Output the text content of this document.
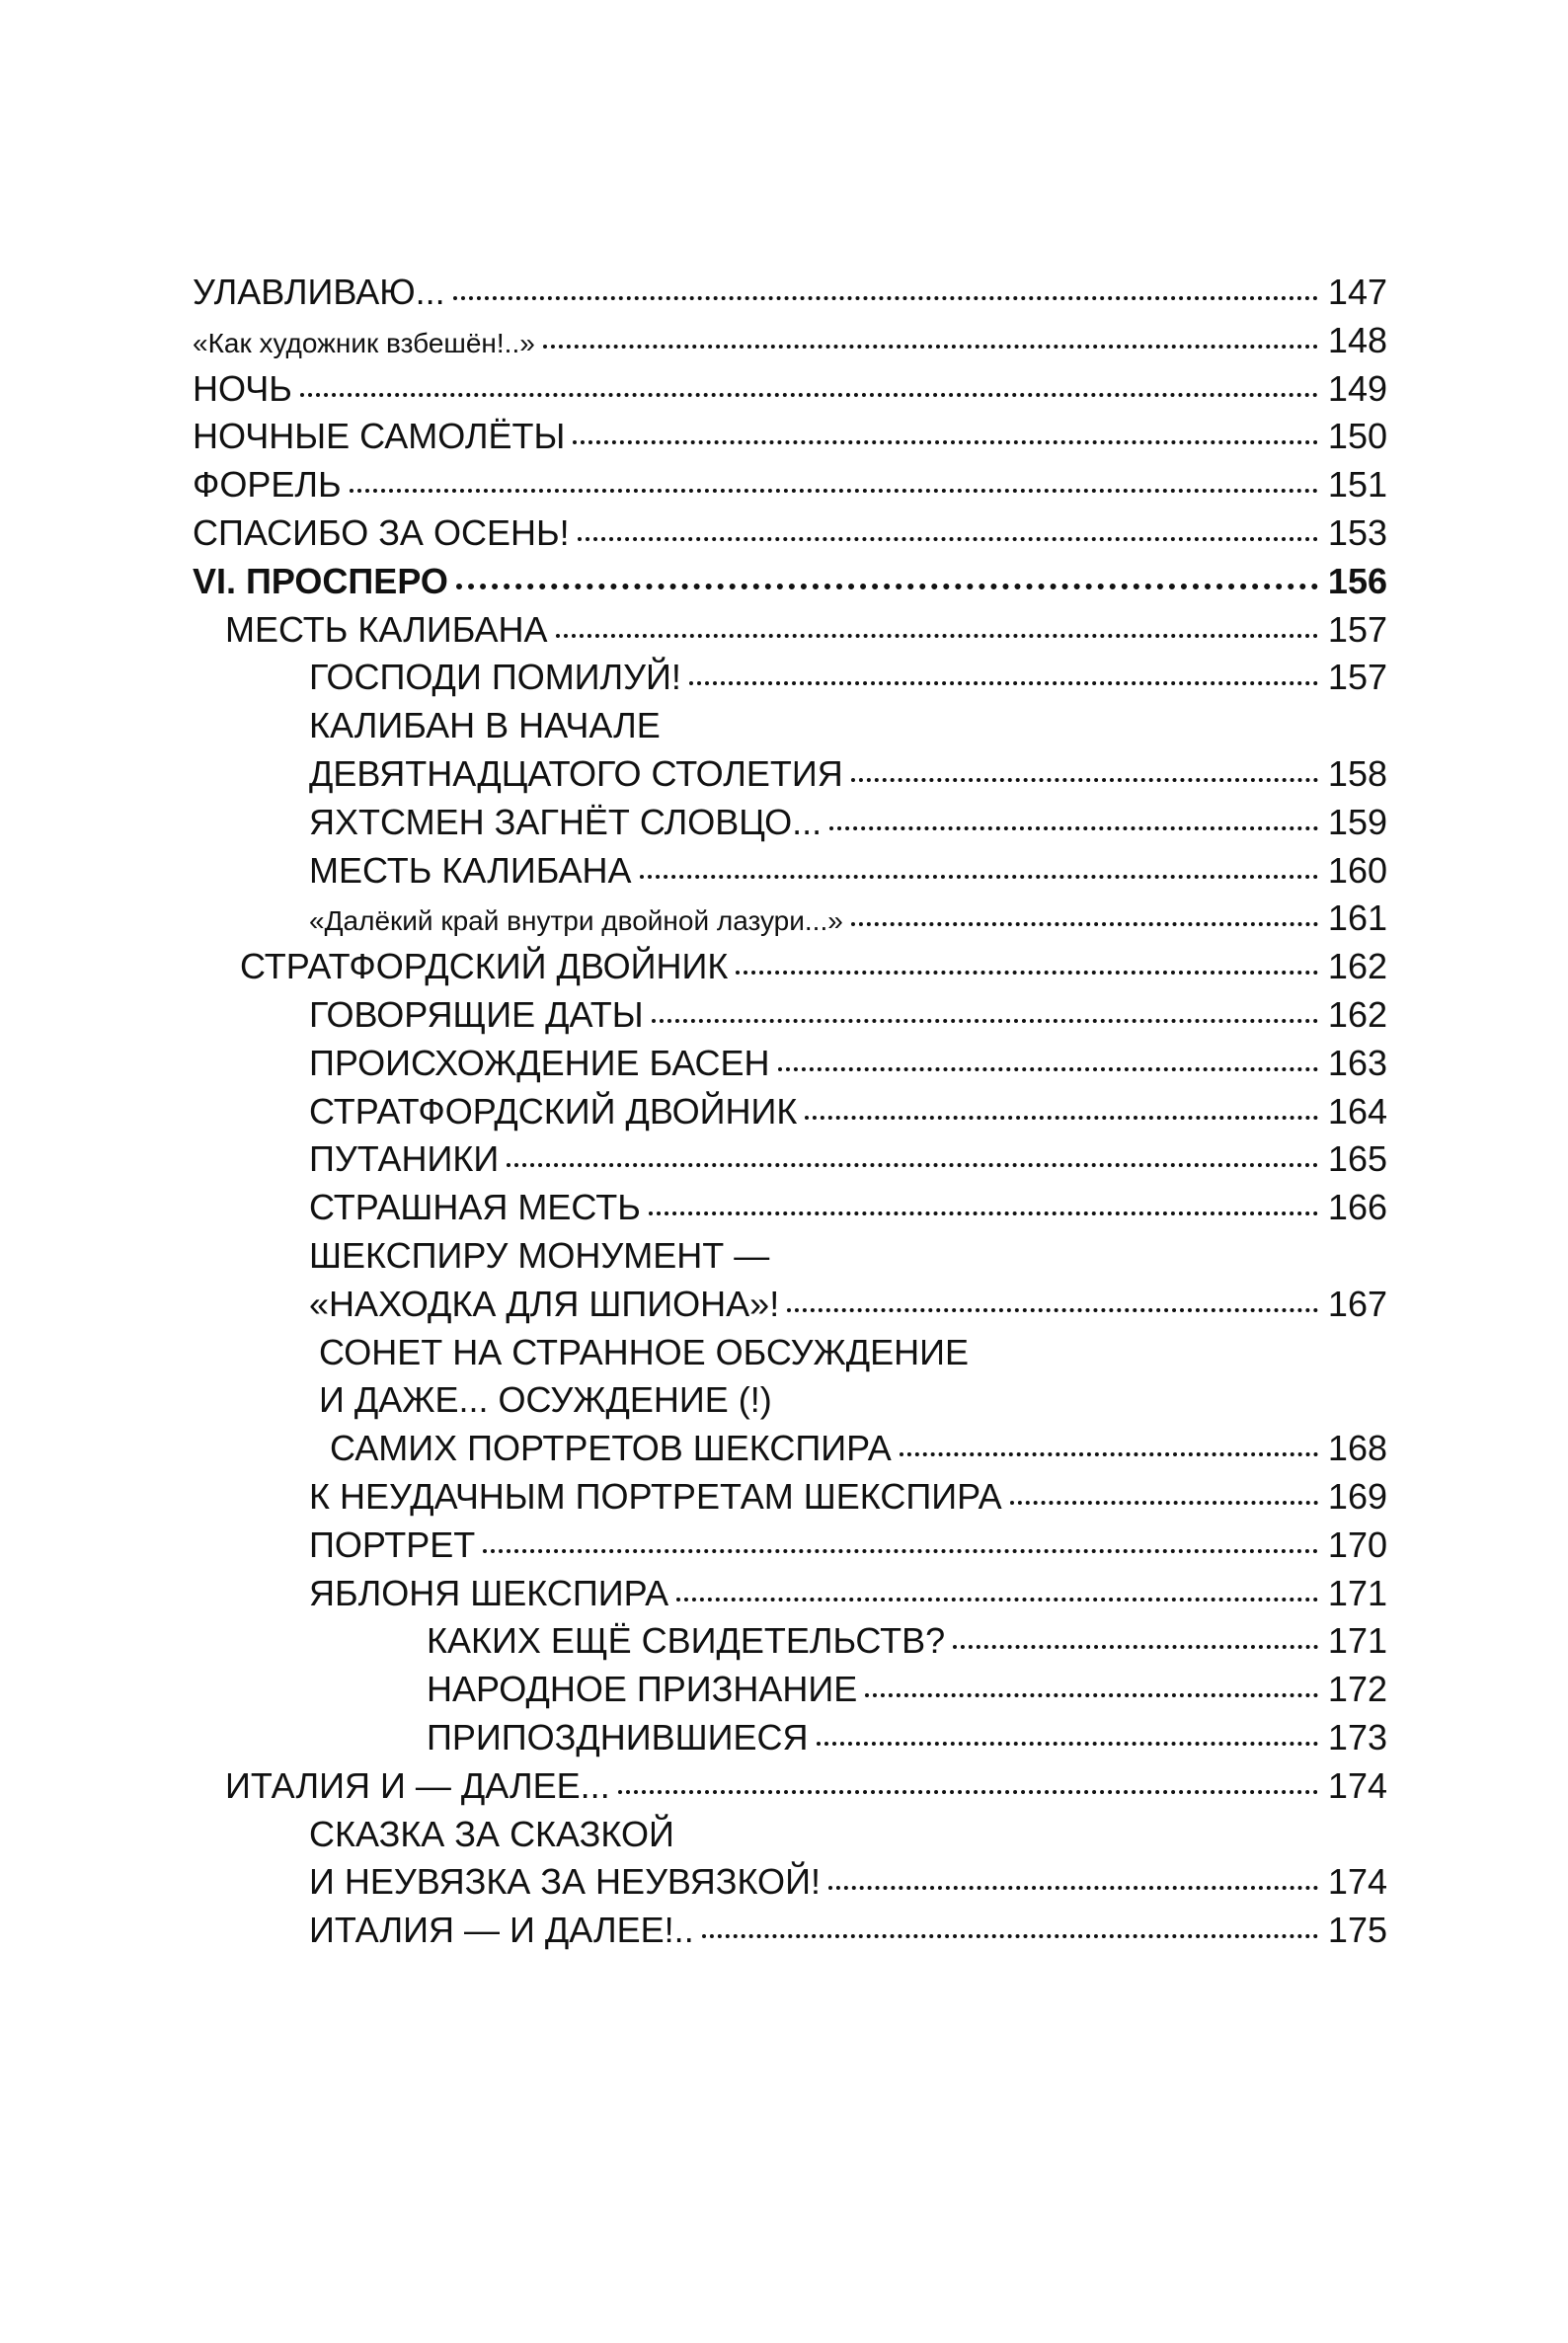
УЛАВЛИВАЮ...	147
«Как художник взбешён!..»	148
НОЧЬ	149
НОЧНЫЕ САМОЛЁТЫ	150
ФОРЕЛЬ	151
СПАСИБО ЗА ОСЕНЬ!	153
VI. ПРОСПЕРО	156
МЕСТЬ КАЛИБАНА	157
ГОСПОДИ ПОМИЛУЙ!	157
КАЛИБАН В НАЧАЛЕ
ДЕВЯТНАДЦАТОГО СТОЛЕТИЯ	158
ЯХТСМЕН ЗАГНЁТ СЛОВЦО...	159
МЕСТЬ КАЛИБАНА	160
«Далёкий край внутри двойной лазури...»	161
СТРАТФОРДСКИЙ ДВОЙНИК	162
ГОВОРЯЩИЕ ДАТЫ	162
ПРОИСХОЖДЕНИЕ БАСЕН	163
СТРАТФОРДСКИЙ ДВОЙНИК	164
ПУТАНИКИ	165
СТРАШНАЯ МЕСТЬ	166
ШЕКСПИРУ МОНУМЕНТ —
«НАХОДКА ДЛЯ ШПИОНА»!	167
СОНЕТ НА СТРАННОЕ ОБСУЖДЕНИЕ
И ДАЖЕ... ОСУЖДЕНИЕ (!)
САМИХ ПОРТРЕТОВ ШЕКСПИРА	168
К НЕУДАЧНЫМ ПОРТРЕТАМ ШЕКСПИРА	169
ПОРТРЕТ	170
ЯБЛОНЯ ШЕКСПИРА	171
КАКИХ ЕЩЁ СВИДЕТЕЛЬСТВ?	171
НАРОДНОЕ ПРИЗНАНИЕ	172
ПРИПОЗДНИВШИЕСЯ	173
ИТАЛИЯ И — ДАЛЕЕ...	174
СКАЗКА ЗА СКАЗКОЙ
И НЕУВЯЗКА ЗА НЕУВЯЗКОЙ!	174
ИТАЛИЯ — И ДАЛЕЕ!..	175
